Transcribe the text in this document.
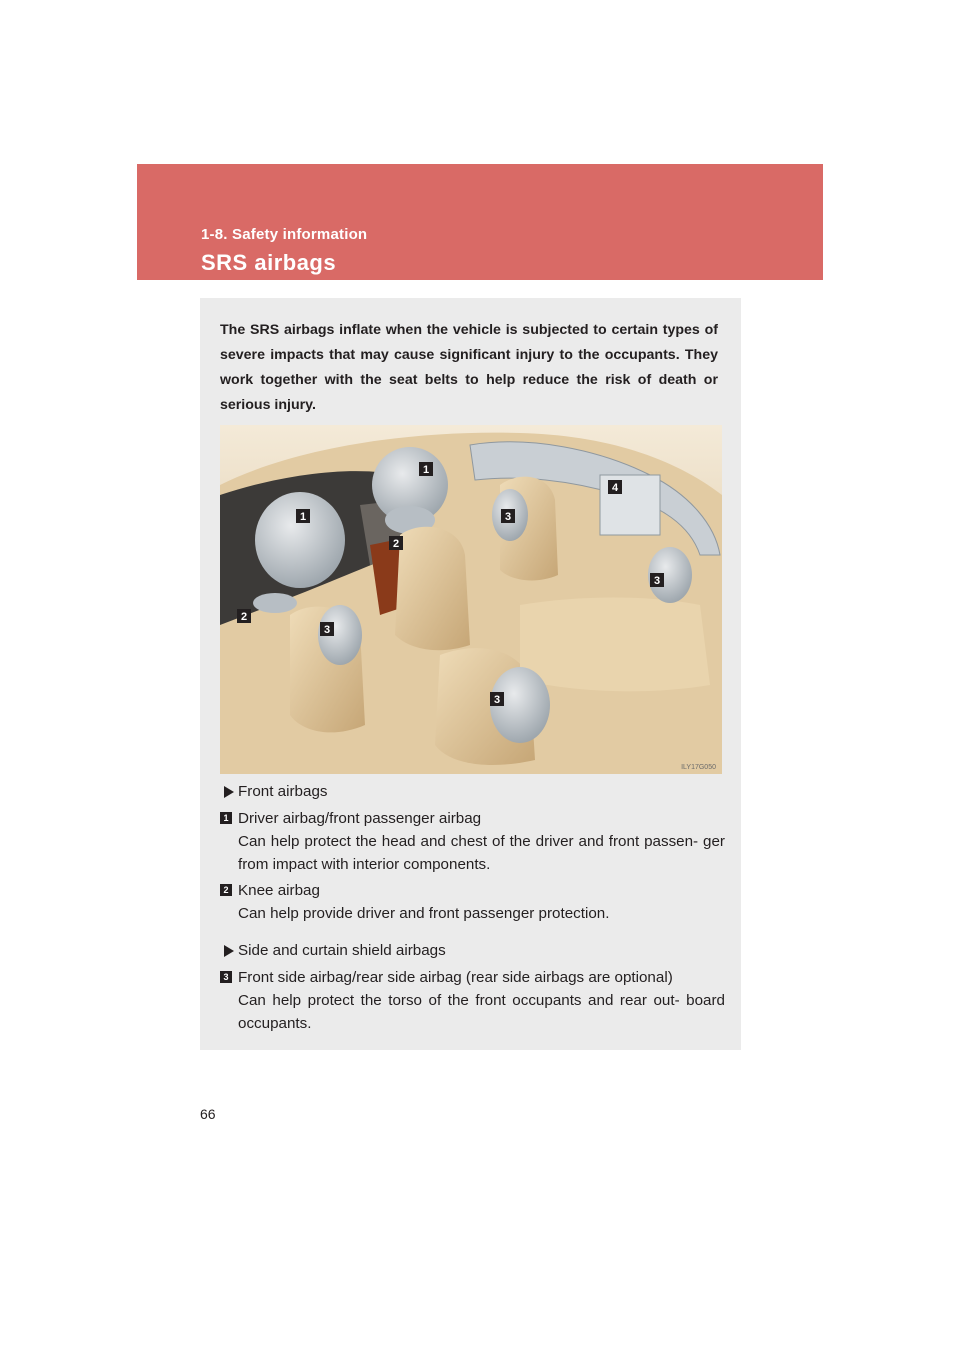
1-8. Safety information
SRS airbags
The SRS airbags inflate when the vehicle is subjected to certain types of severe impacts that may cause significant injury to the occupants. They work together with the seat belts to help reduce the risk of death or serious injury.
1
1
2
2
3
3
3
3
4
ILY17G050
Front airbags
1 Driver airbag/front passenger airbag
Can help protect the head and chest of the driver and front passen- ger from impact with interior components.
2 Knee airbag
Can help provide driver and front passenger protection.
Side and curtain shield airbags
3 Front side airbag/rear side airbag (rear side airbags are optional)
Can help protect the torso of the front occupants and rear out- board occupants.
66
